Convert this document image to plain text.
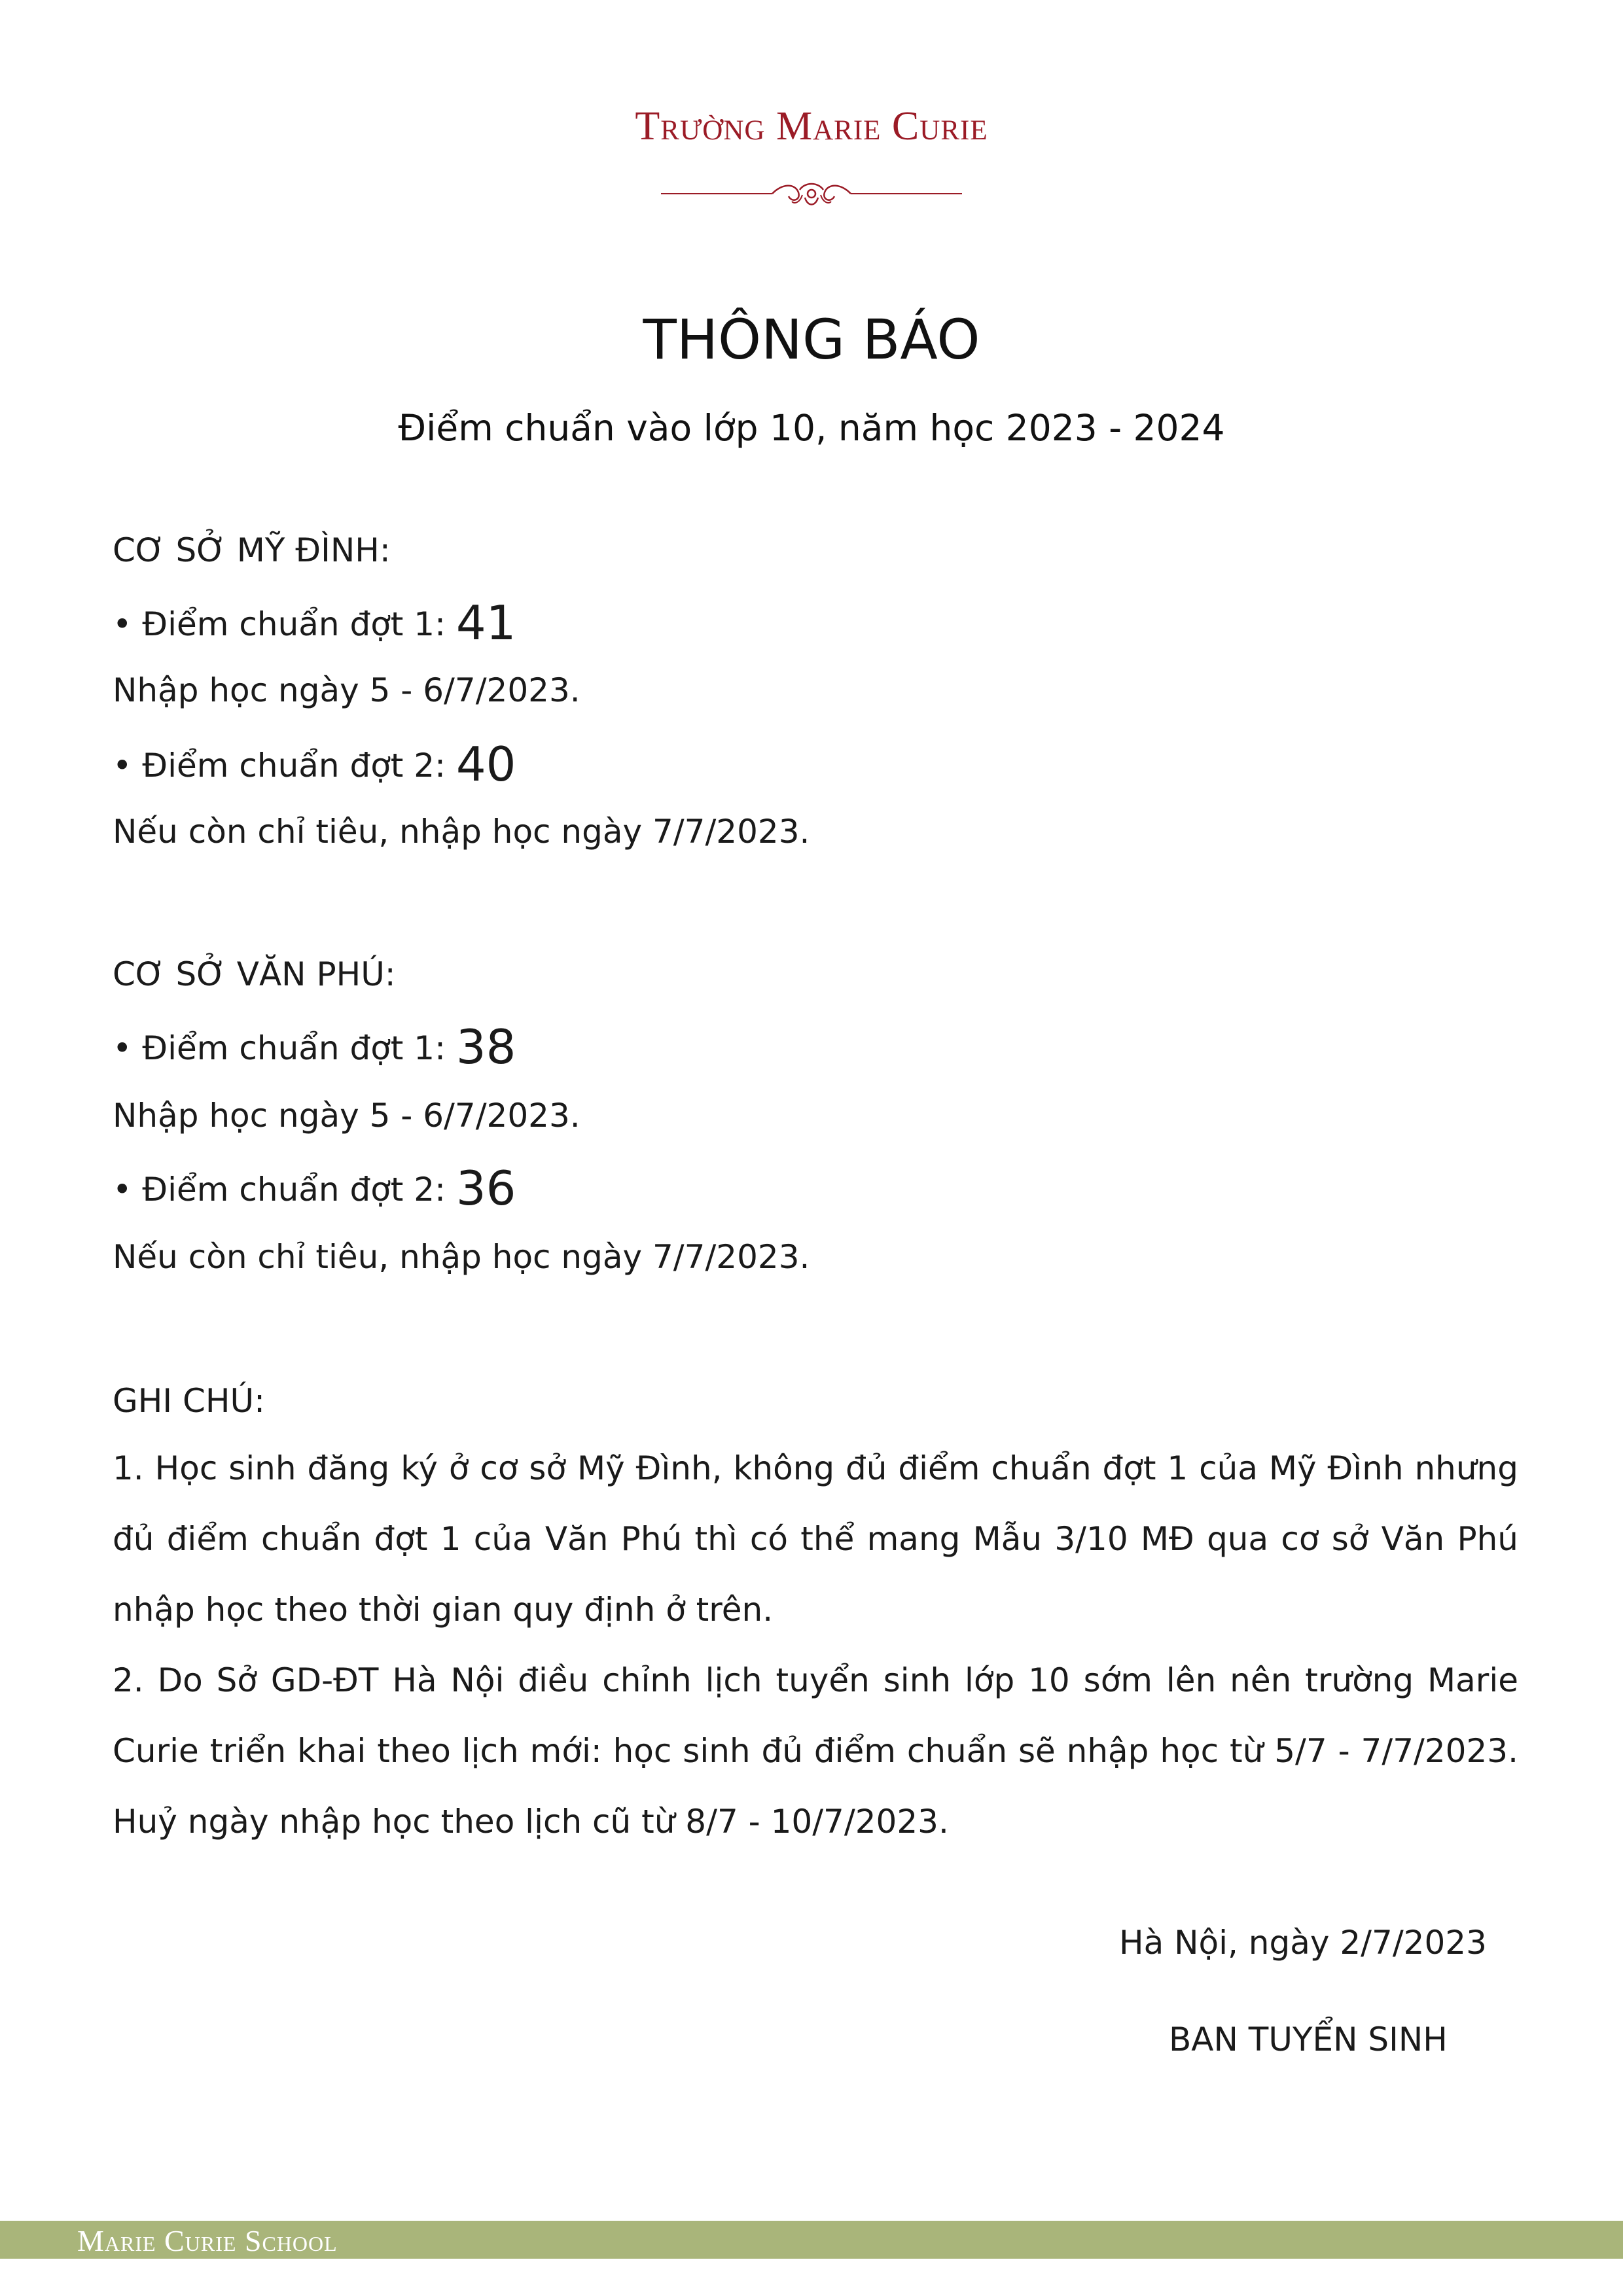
Trường Marie Curie
THÔNG BÁO
Điểm chuẩn vào lớp 10, năm học 2023 - 2024
CƠ SỞ MỸ ĐÌNH:
• Điểm chuẩn đợt 1: 41
Nhập học ngày 5 - 6/7/2023.
• Điểm chuẩn đợt 2: 40
Nếu còn chỉ tiêu, nhập học ngày 7/7/2023.
CƠ SỞ VĂN PHÚ:
• Điểm chuẩn đợt 1: 38
Nhập học ngày 5 - 6/7/2023.
• Điểm chuẩn đợt 2: 36
Nếu còn chỉ tiêu, nhập học ngày 7/7/2023.
GHI CHÚ:
1. Học sinh đăng ký ở cơ sở Mỹ Đình, không đủ điểm chuẩn đợt 1 của Mỹ Đình nhưng đủ điểm chuẩn đợt 1 của Văn Phú thì có thể mang Mẫu 3/10 MĐ qua cơ sở Văn Phú nhập học theo thời gian quy định ở trên.
2. Do Sở GD-ĐT Hà Nội điều chỉnh lịch tuyển sinh lớp 10 sớm lên nên trường Marie Curie triển khai theo lịch mới: học sinh đủ điểm chuẩn sẽ nhập học từ 5/7 - 7/7/2023. Huỷ ngày nhập học theo lịch cũ từ 8/7 - 10/7/2023.
Hà Nội, ngày 2/7/2023
BAN TUYỂN SINH
Marie Curie School
